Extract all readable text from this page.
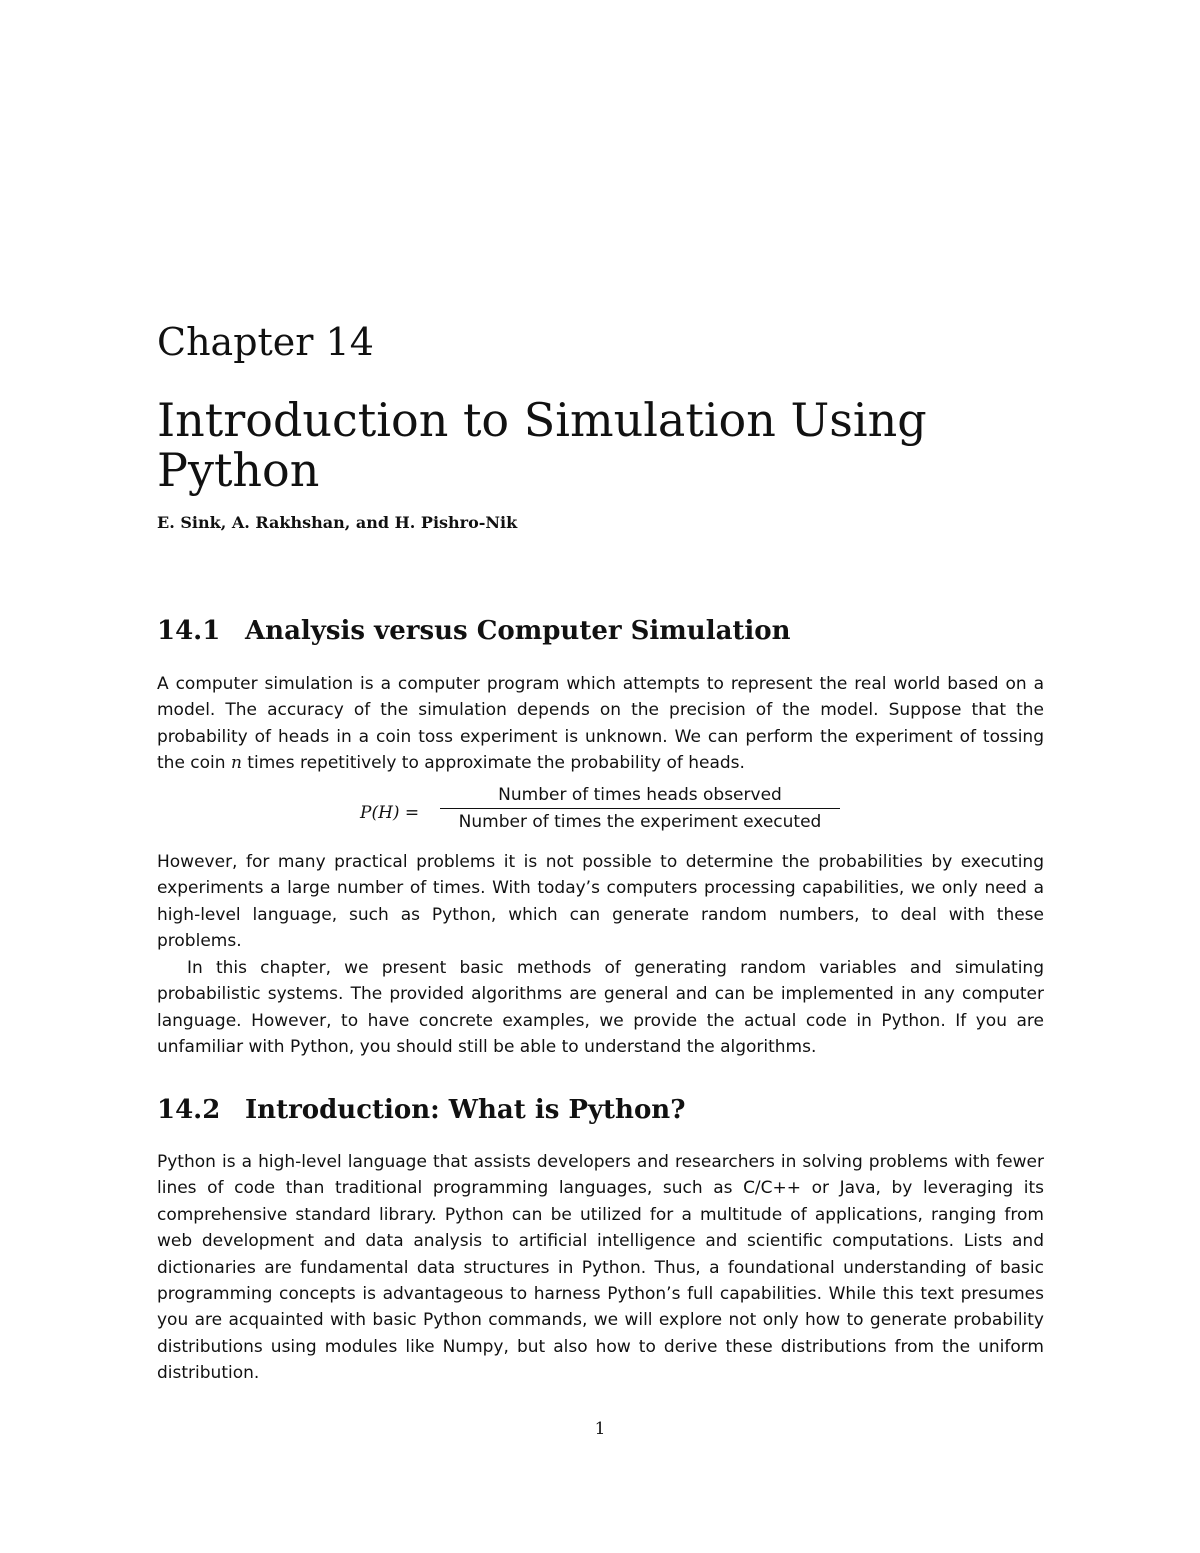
Chapter 14
Introduction to Simulation Using Python
E. Sink, A. Rakhshan, and H. Pishro-Nik
14.1 Analysis versus Computer Simulation

A computer simulation is a computer program which attempts to represent the real world based on a model. The accuracy of the simulation depends on the precision of the model. Suppose that the probability of heads in a coin toss experiment is unknown. We can perform the experiment of tossing the coin n times repetitively to approximate the probability of heads.

P(H) =
Number of times heads observed
Number of times the experiment executed

However, for many practical problems it is not possible to determine the probabilities by executing experiments a large number of times. With today’s computers processing capabilities, we only need a high-level language, such as Python, which can generate random numbers, to deal with these problems.

In this chapter, we present basic methods of generating random variables and simulating probabilistic systems. The provided algorithms are general and can be implemented in any computer language. However, to have concrete examples, we provide the actual code in Python. If you are unfamiliar with Python, you should still be able to understand the algorithms.

14.2 Introduction: What is Python?

Python is a high-level language that assists developers and researchers in solving problems with fewer lines of code than traditional programming languages, such as C/C++ or Java, by leveraging its comprehensive standard library. Python can be utilized for a multitude of applications, ranging from web development and data analysis to artificial intelligence and scientific computations. Lists and dictionaries are fundamental data structures in Python. Thus, a foundational understanding of basic programming concepts is advantageous to harness Python’s full capabilities. While this text presumes you are acquainted with basic Python commands, we will explore not only how to generate probability distributions using modules like Numpy, but also how to derive these distributions from the uniform distribution.

1
